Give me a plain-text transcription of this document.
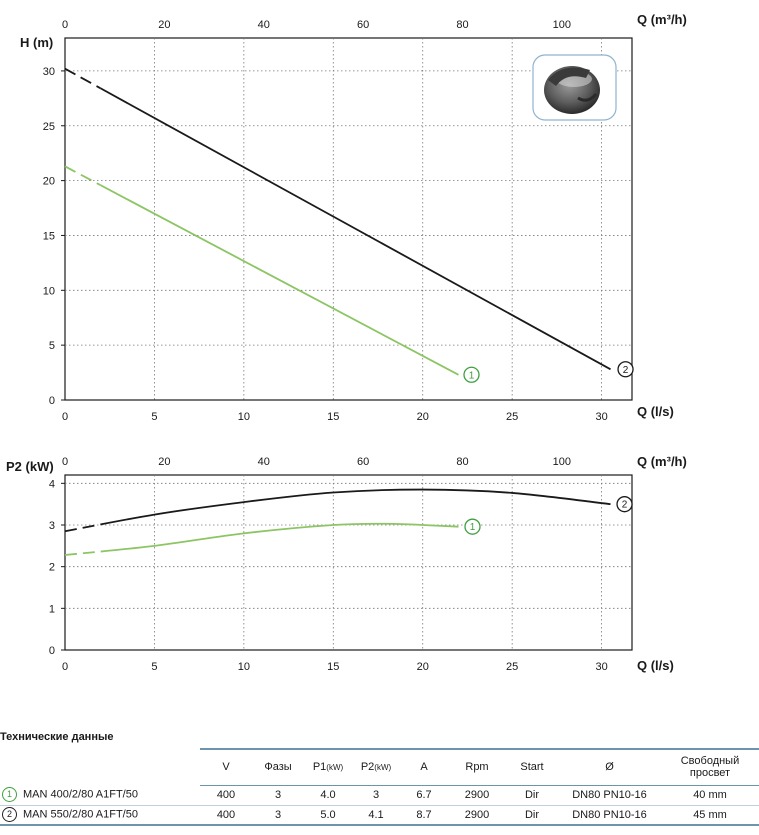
0	5	10	15	20	25	30
0	20	40	60	80	100
0
5
10
15
20
25
30
1	2
H (m)
Q (l/s)
Q (m³/h)
0	5	10	15	20	25	30
0	20	40	60	80	100
0
1
2
3
4
1
2
P2 (kW)
Q (l/s)
Q (m³/h)
Технические данные
	V	Фазы	P1(kW)	P2(kW)	A	Rpm	Start	Ø	Свободный просвет

1 MAN 400/2/80 A1FT/50	400	3	4.0	3	6.7	2900	Dir	DN80 PN10-16	40 mm
2 MAN 550/2/80 A1FT/50	400	3	5.0	4.1	8.7	2900	Dir	DN80 PN10-16	45 mm
